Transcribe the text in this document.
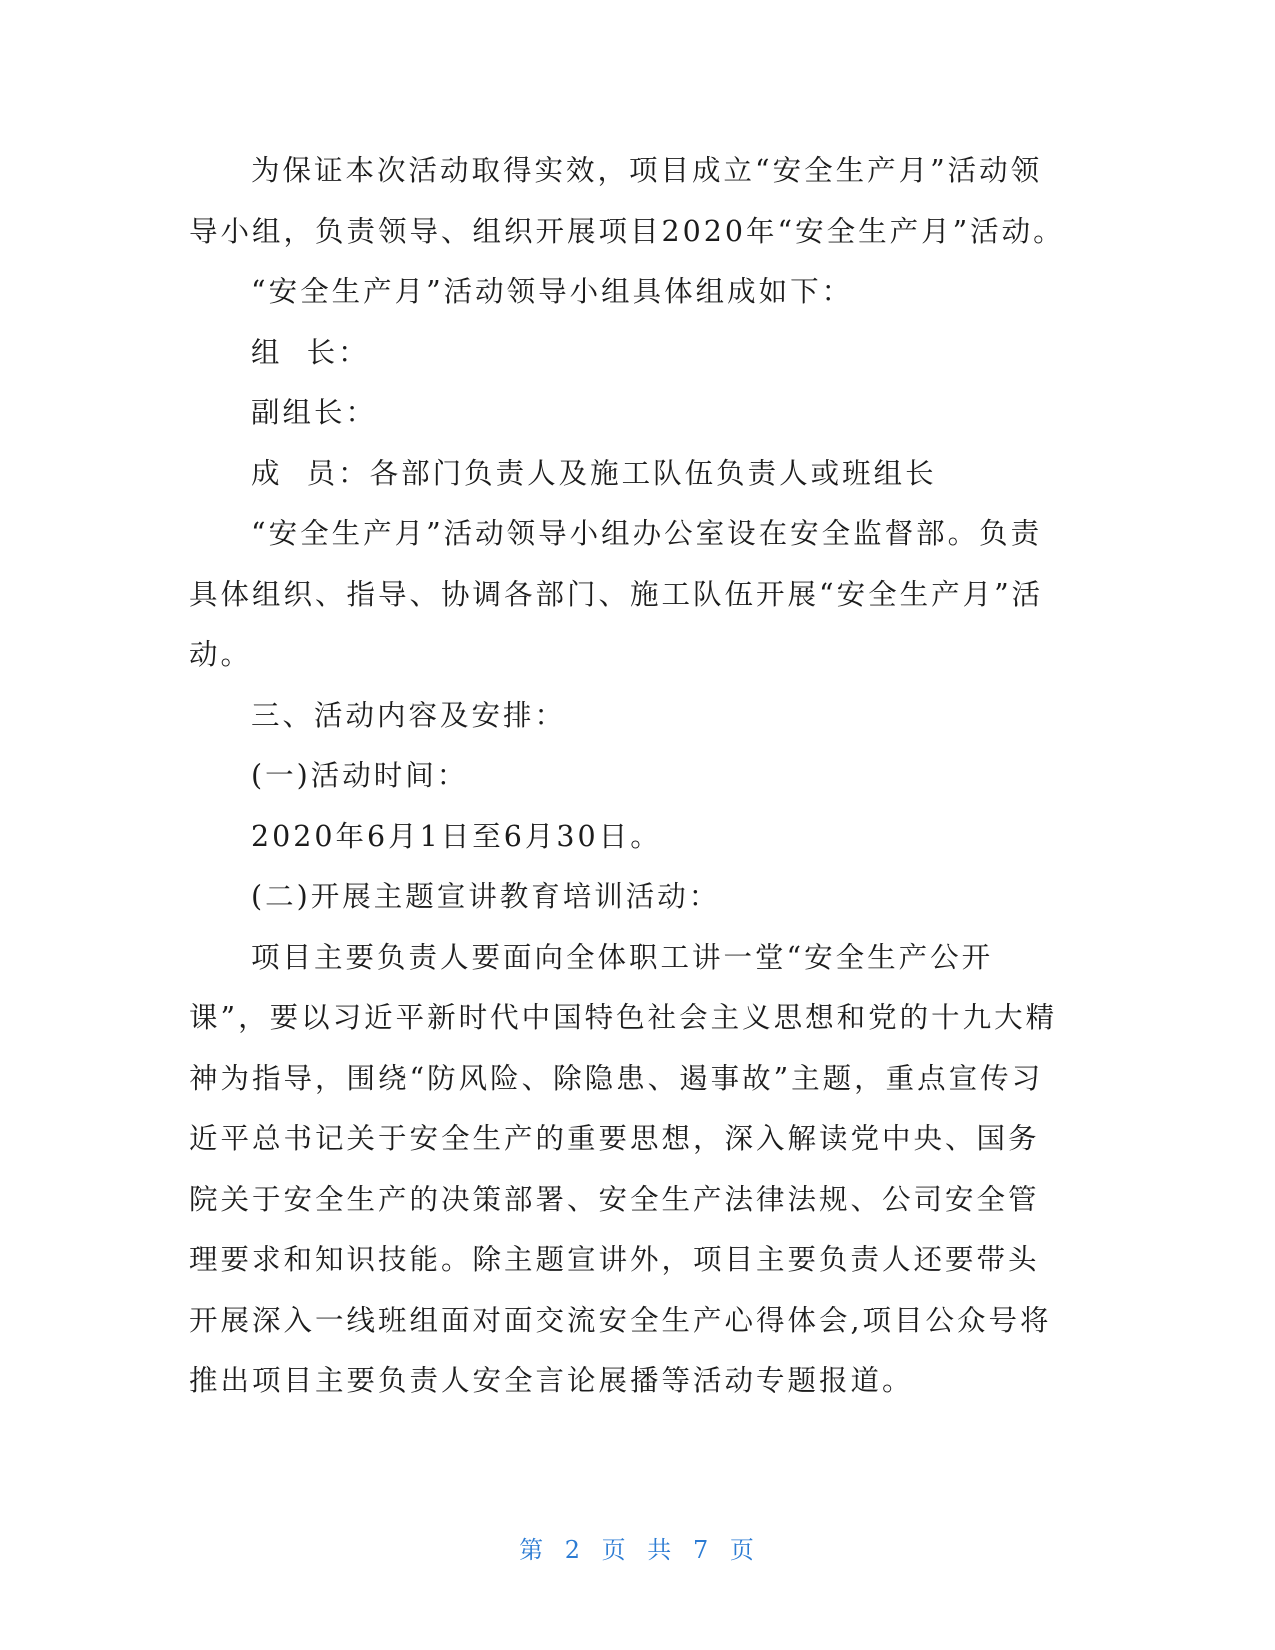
为保证本次活动取得实效，项目成立“安全生产月”活动领导小组，负责领导、组织开展项目2020年“安全生产月”活动。

“安全生产月”活动领导小组具体组成如下：

组  长：

副组长：

成  员：各部门负责人及施工队伍负责人或班组长

“安全生产月”活动领导小组办公室设在安全监督部。负责具体组织、指导、协调各部门、施工队伍开展“安全生产月”活动。

三、活动内容及安排：

(一)活动时间：

2020年6月1日至6月30日。

(二)开展主题宣讲教育培训活动：

项目主要负责人要面向全体职工讲一堂“安全生产公开课”，要以习近平新时代中国特色社会主义思想和党的十九大精神为指导，围绕“防风险、除隐患、遏事故”主题，重点宣传习近平总书记关于安全生产的重要思想，深入解读党中央、国务院关于安全生产的决策部署、安全生产法律法规、公司安全管理要求和知识技能。除主题宣讲外，项目主要负责人还要带头开展深入一线班组面对面交流安全生产心得体会,项目公众号将推出项目主要负责人安全言论展播等活动专题报道。

第 2 页 共 7 页
